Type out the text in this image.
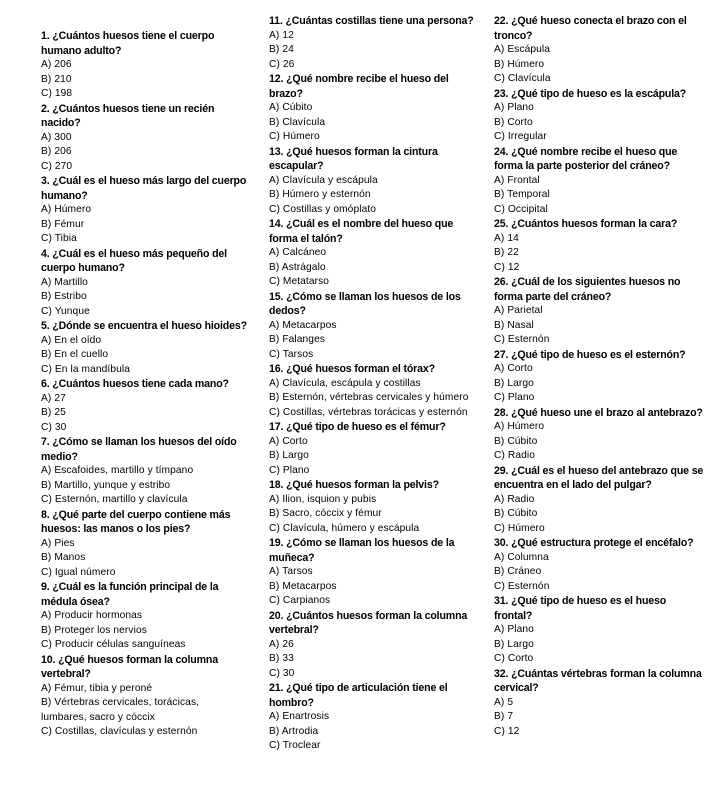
1. ¿Cuántos huesos tiene el cuerpo humano adulto?

A) 206

B) 210

C) 198

2. ¿Cuántos huesos tiene un recién nacido?

A) 300

B) 206

C) 270

3. ¿Cuál es el hueso más largo del cuerpo humano?

A) Húmero

B) Fémur

C) Tibia

4. ¿Cuál es el hueso más pequeño del cuerpo humano?

A) Martillo

B) Estribo

C) Yunque

5. ¿Dónde se encuentra el hueso hioides?

A) En el oído

B) En el cuello

C) En la mandíbula

6. ¿Cuántos huesos tiene cada mano?

A) 27

B) 25

C) 30

7. ¿Cómo se llaman los huesos del oído medio?

A) Escafoides, martillo y tímpano

B) Martillo, yunque y estribo

C) Esternón, martillo y clavícula

8. ¿Qué parte del cuerpo contiene más huesos: las manos o los pies?

A) Pies

B) Manos

C) Igual número

9. ¿Cuál es la función principal de la médula ósea?

A) Producir hormonas

B) Proteger los nervios

C) Producir células sanguíneas

10. ¿Qué huesos forman la columna vertebral?

A) Fémur, tibia y peroné

B) Vértebras cervicales, torácicas, lumbares, sacro y cóccix

C) Costillas, clavículas y esternón

11. ¿Cuántas costillas tiene una persona?

A) 12

B) 24

C) 26

12. ¿Qué nombre recibe el hueso del brazo?

A) Cúbito

B) Clavícula

C) Húmero

13. ¿Qué huesos forman la cintura escapular?

A) Clavícula y escápula

B) Húmero y esternón

C) Costillas y omóplato

14. ¿Cuál es el nombre del hueso que forma el talón?

A) Calcáneo

B) Astrágalo

C) Metatarso

15. ¿Cómo se llaman los huesos de los dedos?

A) Metacarpos

B) Falanges

C) Tarsos

16. ¿Qué huesos forman el tórax?

A) Clavícula, escápula y costillas

B) Esternón, vértebras cervicales y húmero

C) Costillas, vértebras torácicas y esternón

17. ¿Qué tipo de hueso es el fémur?

A) Corto

B) Largo

C) Plano

18. ¿Qué huesos forman la pelvis?

A) Ilion, isquion y pubis

B) Sacro, cóccix y fémur

C) Clavícula, húmero y escápula

19. ¿Cómo se llaman los huesos de la muñeca?

A) Tarsos

B) Metacarpos

C) Carpianos

20. ¿Cuántos huesos forman la columna vertebral?

A) 26

B) 33

C) 30

21. ¿Qué tipo de articulación tiene el hombro?

A) Enartrosis

B) Artrodia

C) Troclear

22. ¿Qué hueso conecta el brazo con el tronco?

A) Escápula

B) Húmero

C) Clavícula

23. ¿Qué tipo de hueso es la escápula?

A) Plano

B) Corto

C) Irregular

24. ¿Qué nombre recibe el hueso que forma la parte posterior del cráneo?

A) Frontal

B) Temporal

C) Occipital

25. ¿Cuántos huesos forman la cara?

A) 14

B) 22

C) 12

26. ¿Cuál de los siguientes huesos no forma parte del cráneo?

A) Parietal

B) Nasal

C) Esternón

27. ¿Qué tipo de hueso es el esternón?

A) Corto

B) Largo

C) Plano

28. ¿Qué hueso une el brazo al antebrazo?

A) Húmero

B) Cúbito

C) Radio

29. ¿Cuál es el hueso del antebrazo que se encuentra en el lado del pulgar?

A) Radio

B) Cúbito

C) Húmero

30. ¿Qué estructura protege el encéfalo?

A) Columna

B) Cráneo

C) Esternón

31. ¿Qué tipo de hueso es el hueso frontal?

A) Plano

B) Largo

C) Corto

32. ¿Cuántas vértebras forman la columna cervical?

A) 5

B) 7

C) 12
